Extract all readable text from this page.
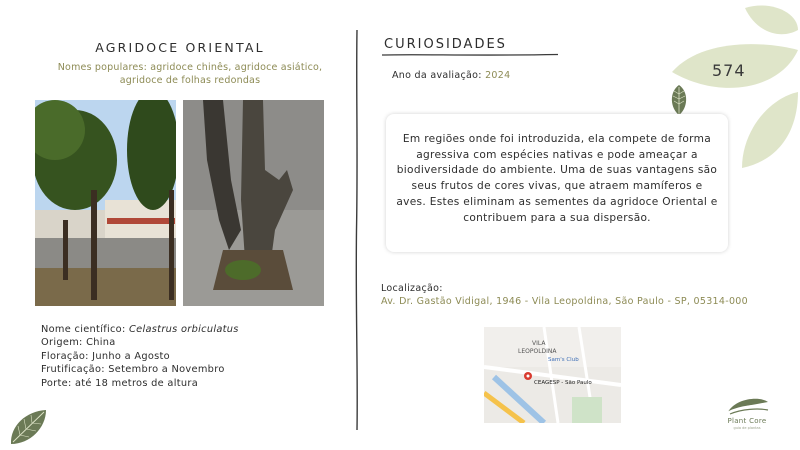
574
AGRIDOCE ORIENTAL
Nomes populares: agridoce chinês, agridoce asiático, agridoce de folhas redondas
Nome científico: Celastrus orbiculatus
Origem: China
Floração: Junho a Agosto
Frutificação: Setembro a Novembro
Porte: até 18 metros de altura
CURIOSIDADES
Ano da avaliação: 2024

Em regiões onde foi introduzida, ela compete de forma agressiva com espécies nativas e pode ameaçar a biodiversidade do ambiente. Uma de suas vantagens são seus frutos de cores vivas, que atraem mamíferos e aves. Estes eliminam as sementes da agridoce Oriental e contribuem para a sua dispersão.

Localização:
Av. Dr. Gastão Vidigal, 1946 - Vila Leopoldina, São Paulo - SP, 05314-000
VILA
LEOPOLDINA
Sam's Club
CEAGESP - São Paulo
Plant Core
guia de plantas
